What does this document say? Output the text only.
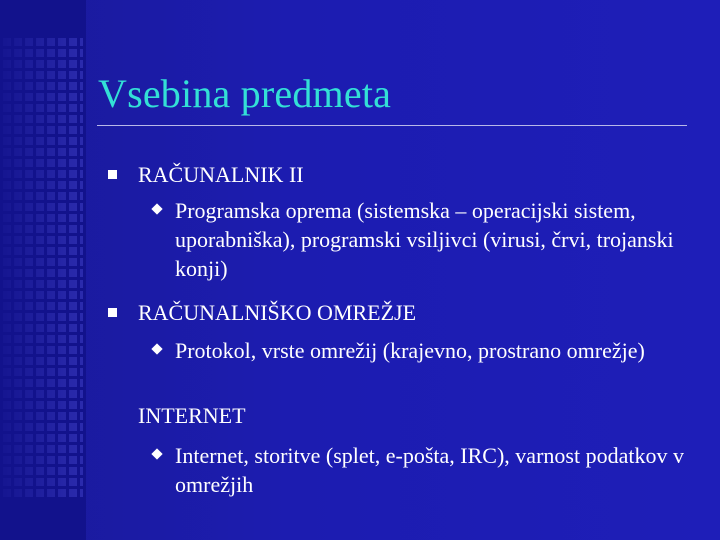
Vsebina predmeta
RAČUNALNIK II
Programska oprema (sistemska – operacijski sistem, uporabniška), programski vsiljivci (virusi, črvi, trojanski konji)
RAČUNALNIŠKO OMREŽJE
Protokol, vrste omrežij (krajevno, prostrano omrežje)
INTERNET
Internet, storitve (splet, e-pošta, IRC), varnost podatkov v omrežjih
